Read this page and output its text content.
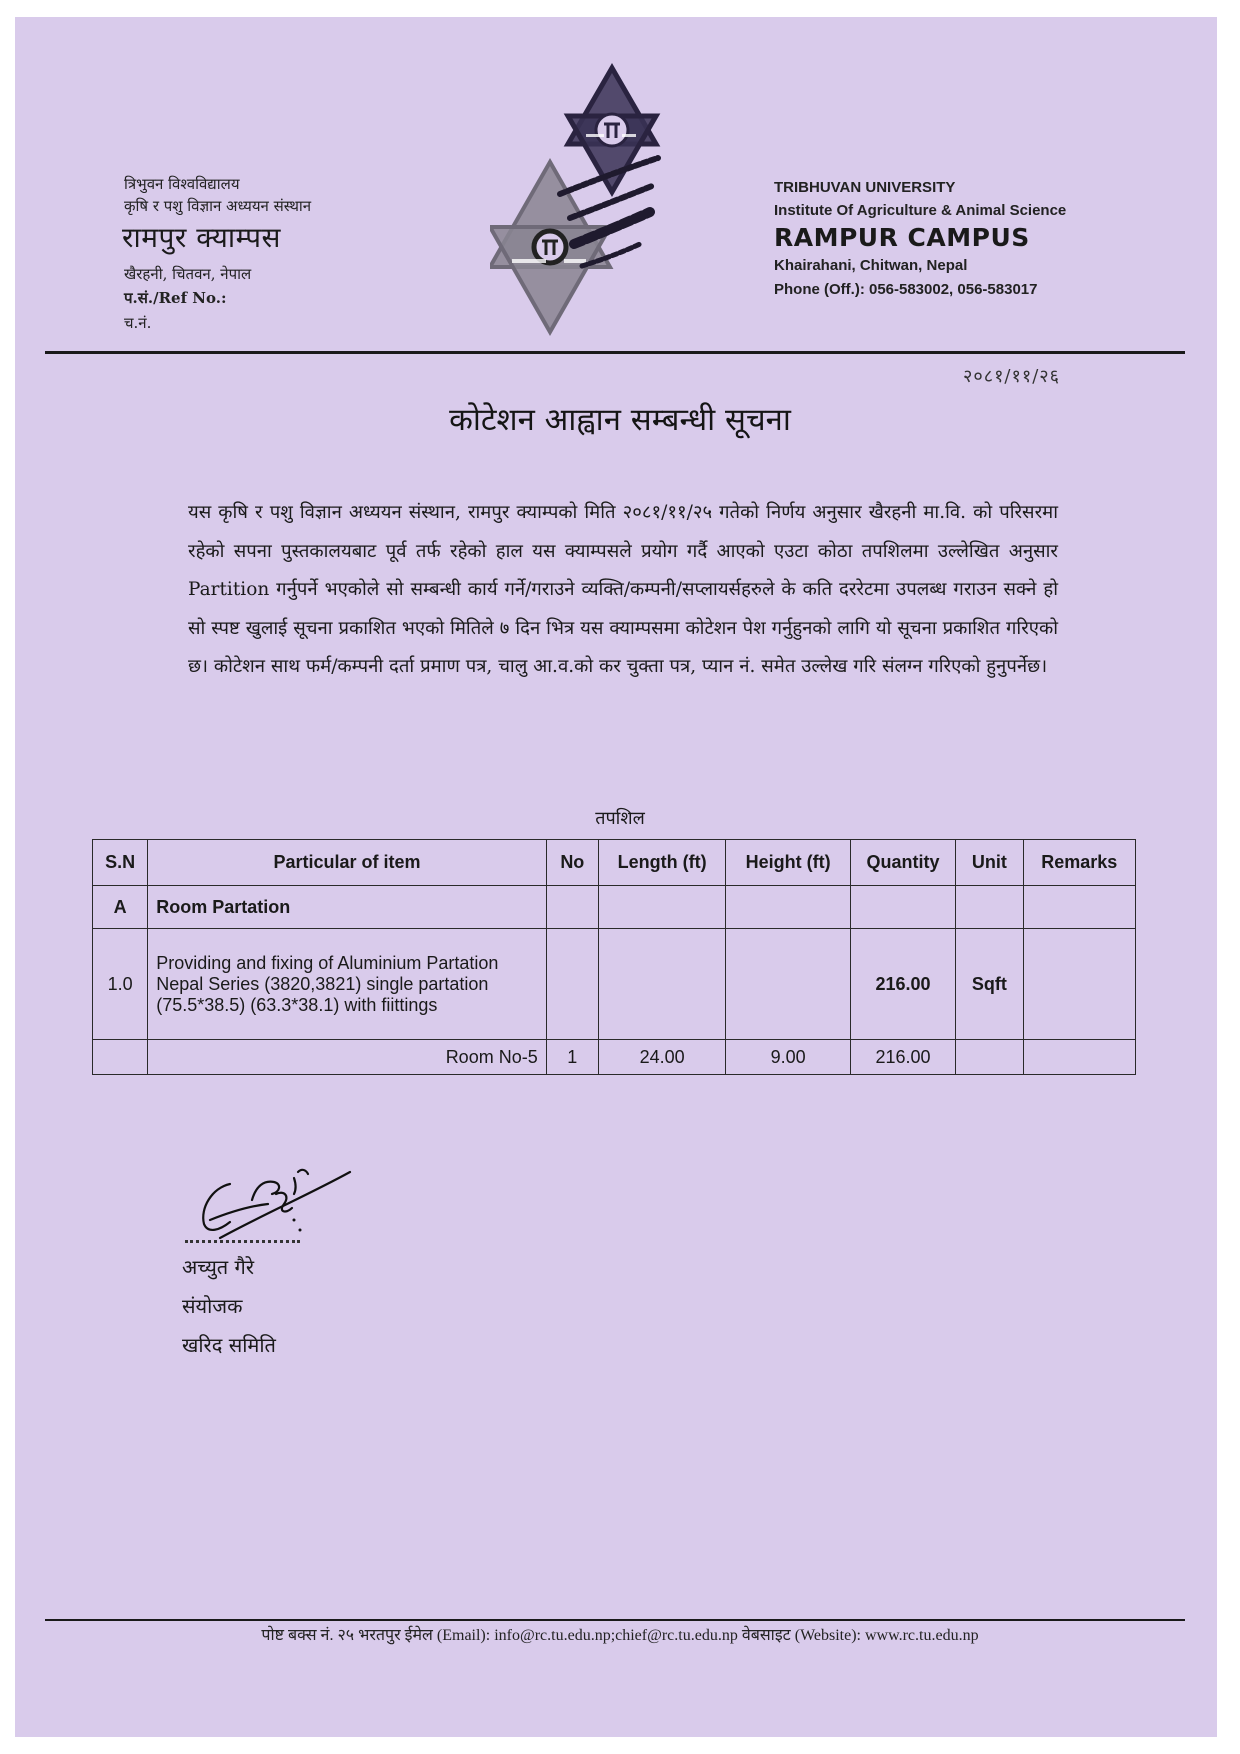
त्रिभुवन विश्वविद्यालय
कृषि र पशु विज्ञान अध्ययन संस्थान
रामपुर क्याम्पस
खैरहनी, चितवन, नेपाल
प.सं./Ref No.:
च.नं.
TRIBHUVAN UNIVERSITY
Institute Of Agriculture & Animal Science
RAMPUR CAMPUS
Khairahani, Chitwan, Nepal
Phone (Off.): 056-583002, 056-583017
२०८१/११/२६
कोटेशन आह्वान सम्बन्धी सूचना
यस कृषि र पशु विज्ञान अध्ययन संस्थान, रामपुर क्याम्पको मिति २०८१/११/२५ गतेको निर्णय अनुसार खैरहनी मा.वि. को परिसरमा रहेको सपना पुस्तकालयबाट पूर्व तर्फ रहेको हाल यस क्याम्पसले प्रयोग गर्दै आएको एउटा कोठा तपशिलमा उल्लेखित अनुसार Partition गर्नुपर्ने भएकोले सो सम्बन्धी कार्य गर्ने/गराउने व्यक्ति/कम्पनी/सप्लायर्सहरुले के कति दररेटमा उपलब्ध गराउन सक्ने हो सो स्पष्ट खुलाई सूचना प्रकाशित भएको मितिले ७ दिन भित्र यस क्याम्पसमा कोटेशन पेश गर्नुहुनको लागि यो सूचना प्रकाशित गरिएको छ। कोटेशन साथ फर्म/कम्पनी दर्ता प्रमाण पत्र, चालु आ.व.को कर चुक्ता पत्र, प्यान नं. समेत उल्लेख गरि संलग्न गरिएको हुनुपर्नेछ।
तपशिल
S.N	Particular of item	No	Length (ft)	Height (ft)	Quantity	Unit	Remarks
A	Room Partation						
1.0	Providing and fixing of Aluminium Partation Nepal Series (3820,3821) single partation (75.5*38.5) (63.3*38.1) with fiittings				216.00	Sqft	
	Room No-5	1	24.00	9.00	216.00		
अच्युत गैरे
संयोजक
खरिद समिति
पोष्ट बक्स नं. २५ भरतपुर ईमेल (Email): info@rc.tu.edu.np;chief@rc.tu.edu.np वेबसाइट (Website): www.rc.tu.edu.np
